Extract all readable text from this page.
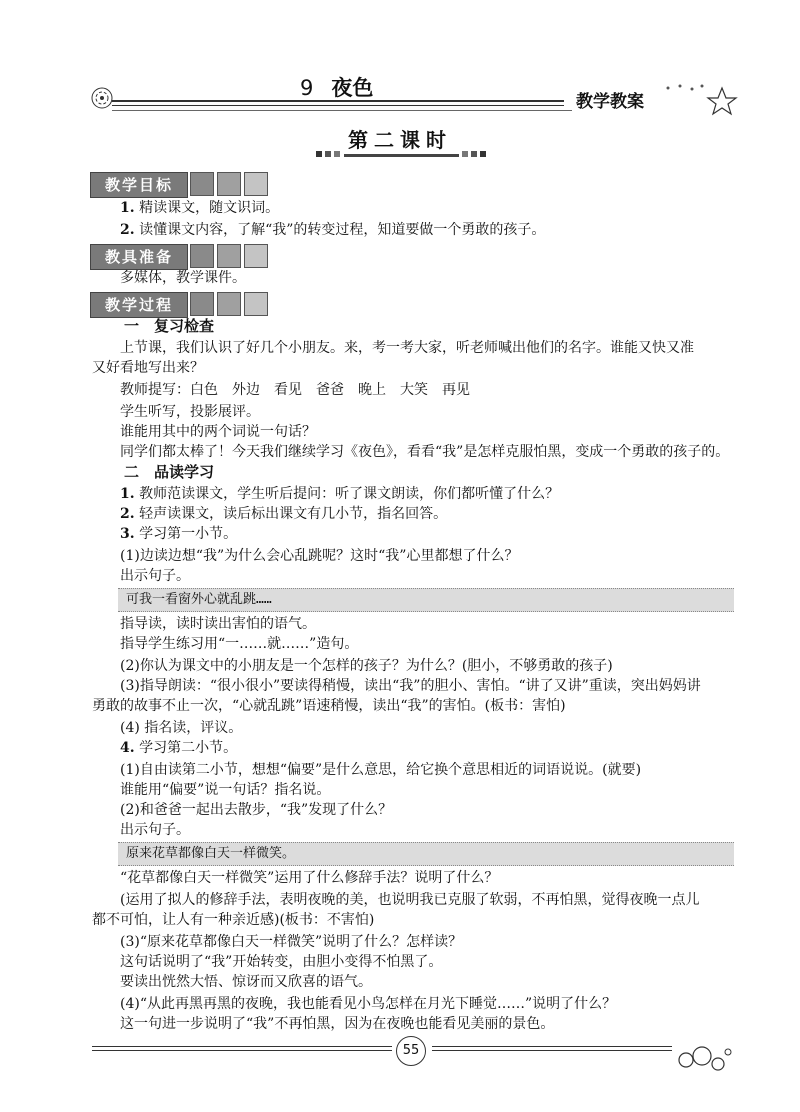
9 夜色
教学教案
第二课时
教学目标
1. 精读课文，随文识词。
2. 读懂课文内容，了解“我”的转变过程，知道要做一个勇敢的孩子。
教具准备
多媒体，教学课件。
教学过程
一　复习检查
上节课，我们认识了好几个小朋友。来，考一考大家，听老师喊出他们的名字。谁能又快又准
又好看地写出来？
教师提写：白色　外边　看见　爸爸　晚上　大笑　再见
学生听写，投影展评。
谁能用其中的两个词说一句话？
同学们都太棒了！今天我们继续学习《夜色》，看看“我”是怎样克服怕黑，变成一个勇敢的孩子的。
二　品读学习
1. 教师范读课文，学生听后提问：听了课文朗读，你们都听懂了什么？
2. 轻声读课文，读后标出课文有几小节，指名回答。
3. 学习第一小节。
(1)边读边想“我”为什么会心乱跳呢？这时“我”心里都想了什么？
出示句子。
可我一看窗外心就乱跳……
指导读，读时读出害怕的语气。
指导学生练习用“一……就……”造句。
(2)你认为课文中的小朋友是一个怎样的孩子？为什么？(胆小，不够勇敢的孩子)
(3)指导朗读：“很小很小”要读得稍慢，读出“我”的胆小、害怕。“讲了又讲”重读，突出妈妈讲
勇敢的故事不止一次，“心就乱跳”语速稍慢，读出“我”的害怕。(板书：害怕)
(4) 指名读，评议。
4. 学习第二小节。
(1)自由读第二小节，想想“偏要”是什么意思，给它换个意思相近的词语说说。(就要)
谁能用“偏要”说一句话？指名说。
(2)和爸爸一起出去散步，“我”发现了什么？
出示句子。
原来花草都像白天一样微笑。
“花草都像白天一样微笑”运用了什么修辞手法？说明了什么？
(运用了拟人的修辞手法，表明夜晚的美，也说明我已克服了软弱，不再怕黑，觉得夜晚一点儿
都不可怕，让人有一种亲近感)(板书：不害怕)
(3)“原来花草都像白天一样微笑”说明了什么？怎样读？
这句话说明了“我”开始转变，由胆小变得不怕黑了。
要读出恍然大悟、惊讶而又欣喜的语气。
(4)“从此再黑再黑的夜晚，我也能看见小鸟怎样在月光下睡觉……”说明了什么？
这一句进一步说明了“我”不再怕黑，因为在夜晚也能看见美丽的景色。
55
